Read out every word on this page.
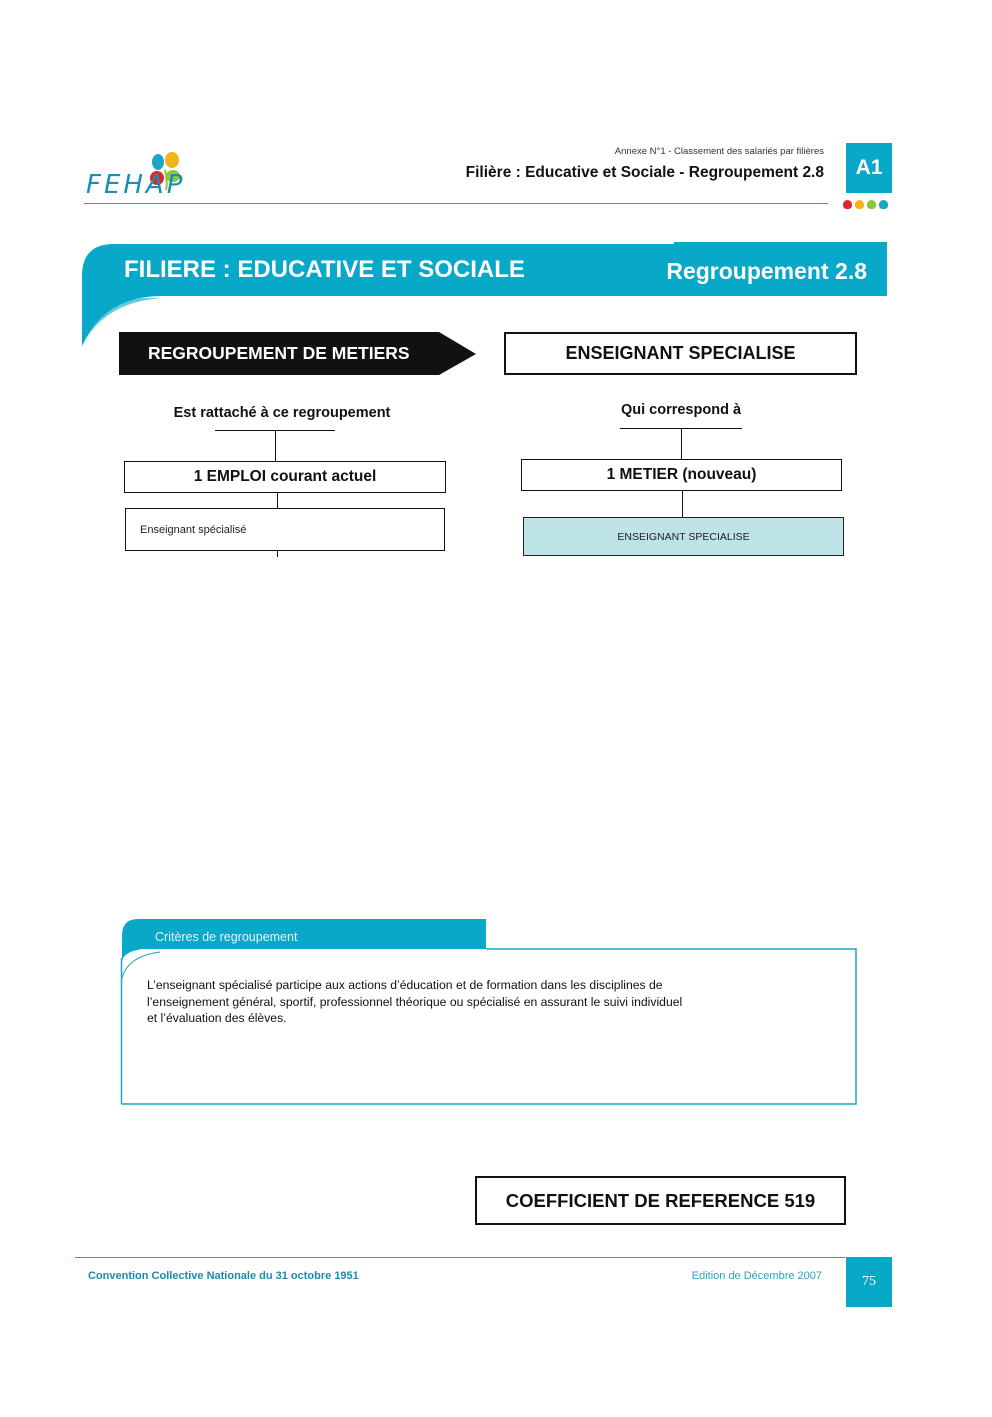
FEHAP
Annexe N°1 - Classement des salariés par filières
Filière : Educative et Sociale - Regroupement 2.8	A1
FILIERE : EDUCATIVE ET SOCIALE	Regroupement 2.8
REGROUPEMENT DE METIERS	ENSEIGNANT SPECIALISE
Est rattaché à ce regroupement
1 EMPLOI courant actuel
Enseignant spécialisé
Qui correspond à
1 METIER (nouveau)
ENSEIGNANT SPECIALISE
Critères de regroupement
L’enseignant spécialisé participe aux actions d’éducation et de formation dans les disciplines de
l’enseignement général, sportif, professionnel théorique ou spécialisé en assurant le suivi individuel
et l’évaluation des élèves.
COEFFICIENT DE REFERENCE 519
Convention Collective Nationale du 31 octobre 1951	Edition de Décembre 2007	75
